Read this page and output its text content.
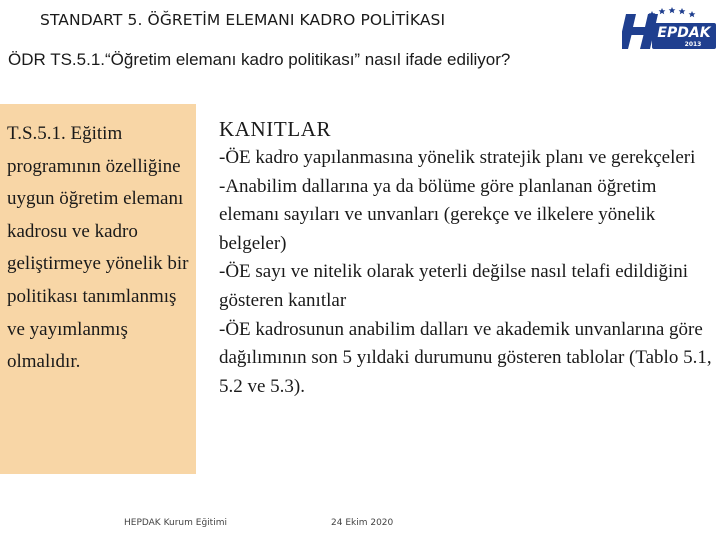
STANDART 5. ÖĞRETİM ELEMANI KADRO POLİTİKASI
EPDAK
2013
ÖDR TS.5.1.“Öğretim elemanı kadro politikası” nasıl ifade ediliyor?
T.S.5.1. Eğitim programının özelliğine uygun öğretim elemanı kadrosu ve kadro geliştirmeye yönelik bir politikası tanımlanmış ve yayımlanmış olmalıdır.
KANITLAR
-ÖE kadro yapılanmasına yönelik stratejik planı ve gerekçeleri
-Anabilim dallarına ya da bölüme göre planlanan öğretim elemanı sayıları ve unvanları (gerekçe ve ilkelere yönelik belgeler)
-ÖE sayı ve nitelik olarak yeterli değilse nasıl telafi edildiğini gösteren kanıtlar
-ÖE kadrosunun anabilim dalları ve akademik unvanlarına göre dağılımının son 5 yıldaki durumunu gösteren tablolar (Tablo 5.1, 5.2 ve 5.3).
HEPDAK Kurum Eğitimi	24 Ekim 2020
